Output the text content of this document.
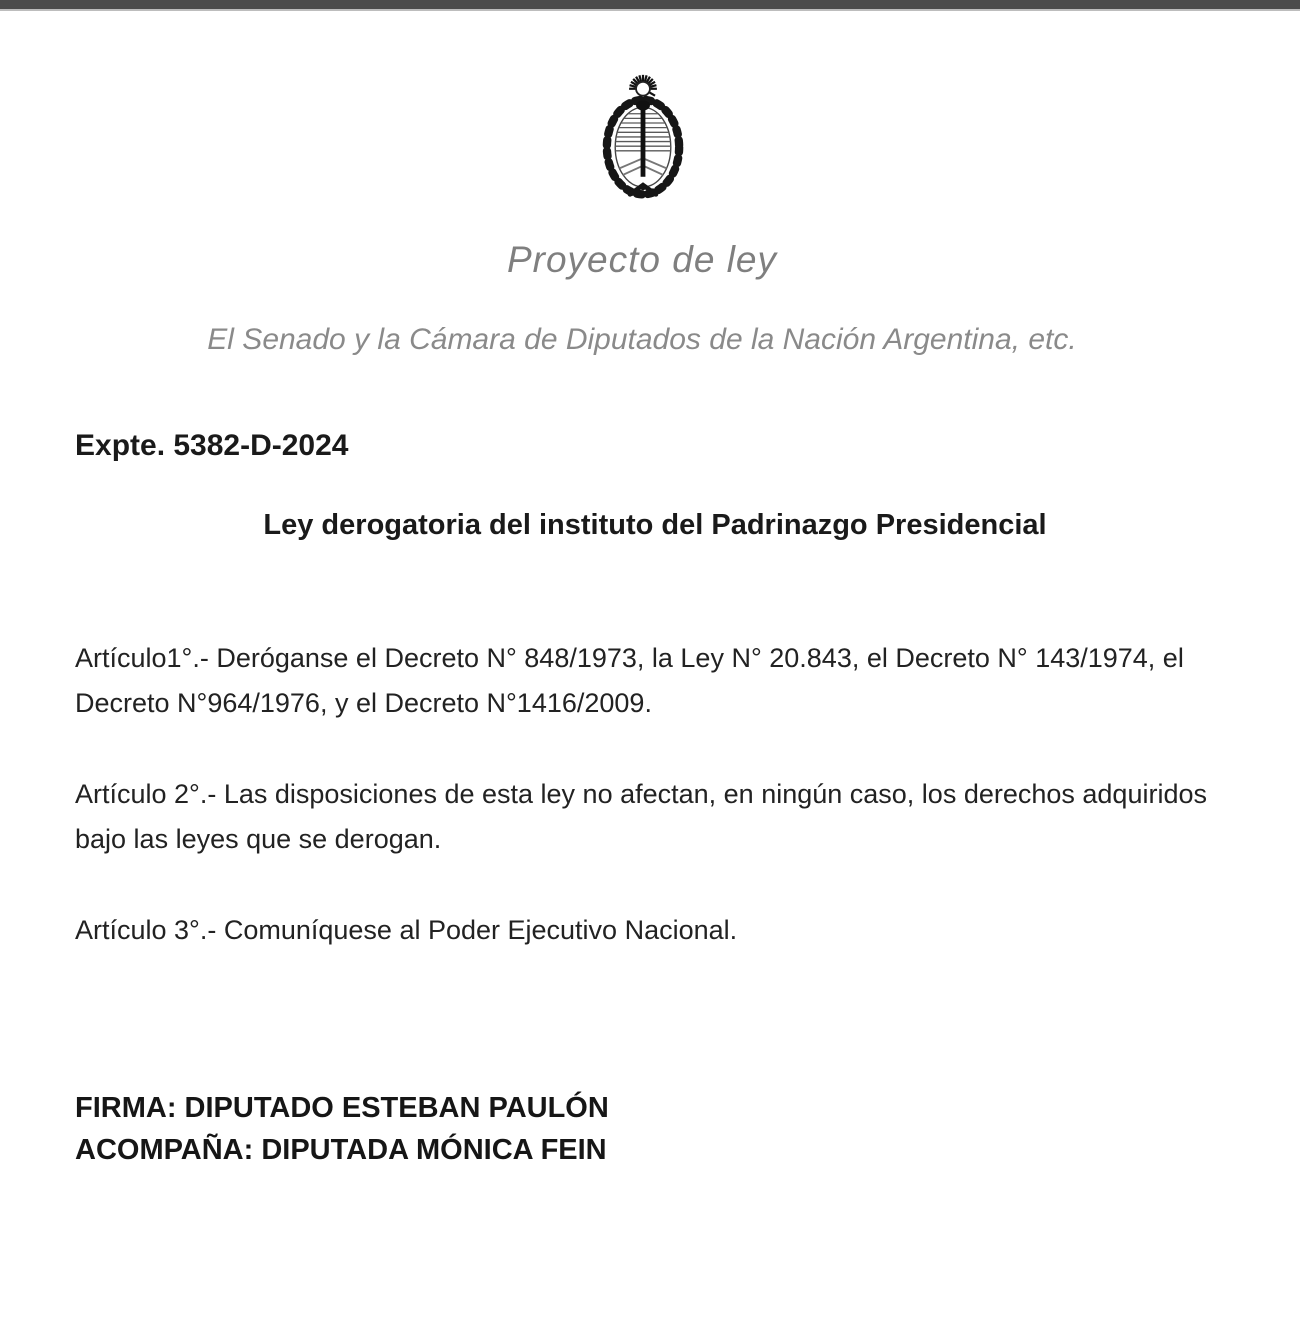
Proyecto de ley
El Senado y la Cámara de Diputados de la Nación Argentina, etc.
Expte. 5382-D-2024
Ley derogatoria del instituto del Padrinazgo Presidencial

Artículo1°.- Deróganse el Decreto N° 848/1973, la Ley N° 20.843, el Decreto N° 143/1974, el Decreto N°964/1976, y el Decreto N°1416/2009.

Artículo 2°.- Las disposiciones de esta ley no afectan, en ningún caso, los derechos adquiridos bajo las leyes que se derogan.

Artículo 3°.- Comuníquese al Poder Ejecutivo Nacional.

FIRMA: DIPUTADO ESTEBAN PAULÓN
ACOMPAÑA: DIPUTADA MÓNICA FEIN
